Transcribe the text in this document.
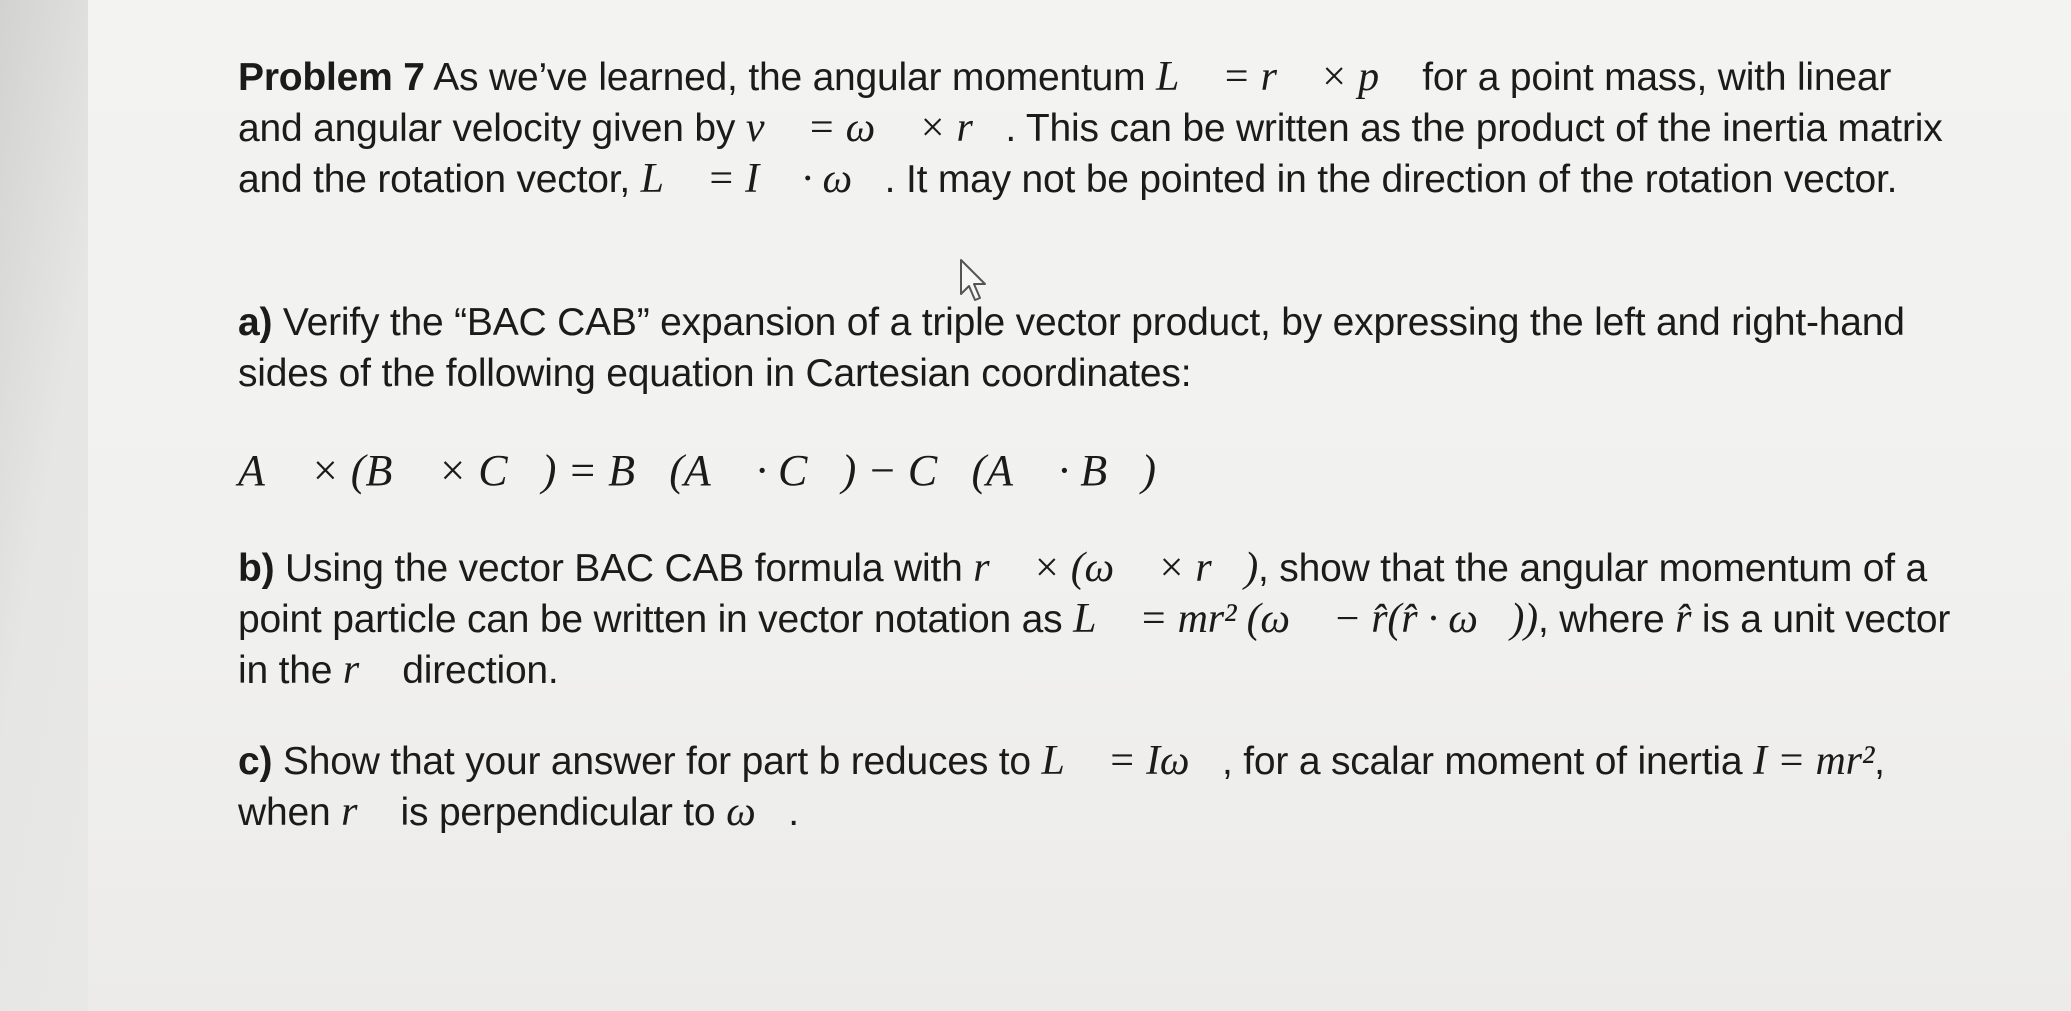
Problem 7 As we’ve learned, the angular momentum L⃗ = r⃗ × p⃗ for a point mass, with linear and angular velocity given by v⃗ = ω⃗ × r⃗. This can be written as the product of the inertia matrix and the rotation vector, L⃗ = I⃡ · ω⃗. It may not be pointed in the direction of the rotation vector.

a) Verify the “BAC CAB” expansion of a triple vector product, by expressing the left and right-hand sides of the following equation in Cartesian coordinates:

A⃗ × (B⃗ × C⃗) = B⃗(A⃗ · C⃗) − C⃗(A⃗ · B⃗)

b) Using the vector BAC CAB formula with r⃗ × (ω⃗ × r⃗), show that the angular momentum of a point particle can be written in vector notation as L⃗ = mr² (ω⃗ − r̂(r̂ · ω⃗)), where r̂ is a unit vector in the r⃗ direction.

c) Show that your answer for part b reduces to L⃗ = Iω⃗, for a scalar moment of inertia I = mr², when r⃗ is perpendicular to ω⃗.
